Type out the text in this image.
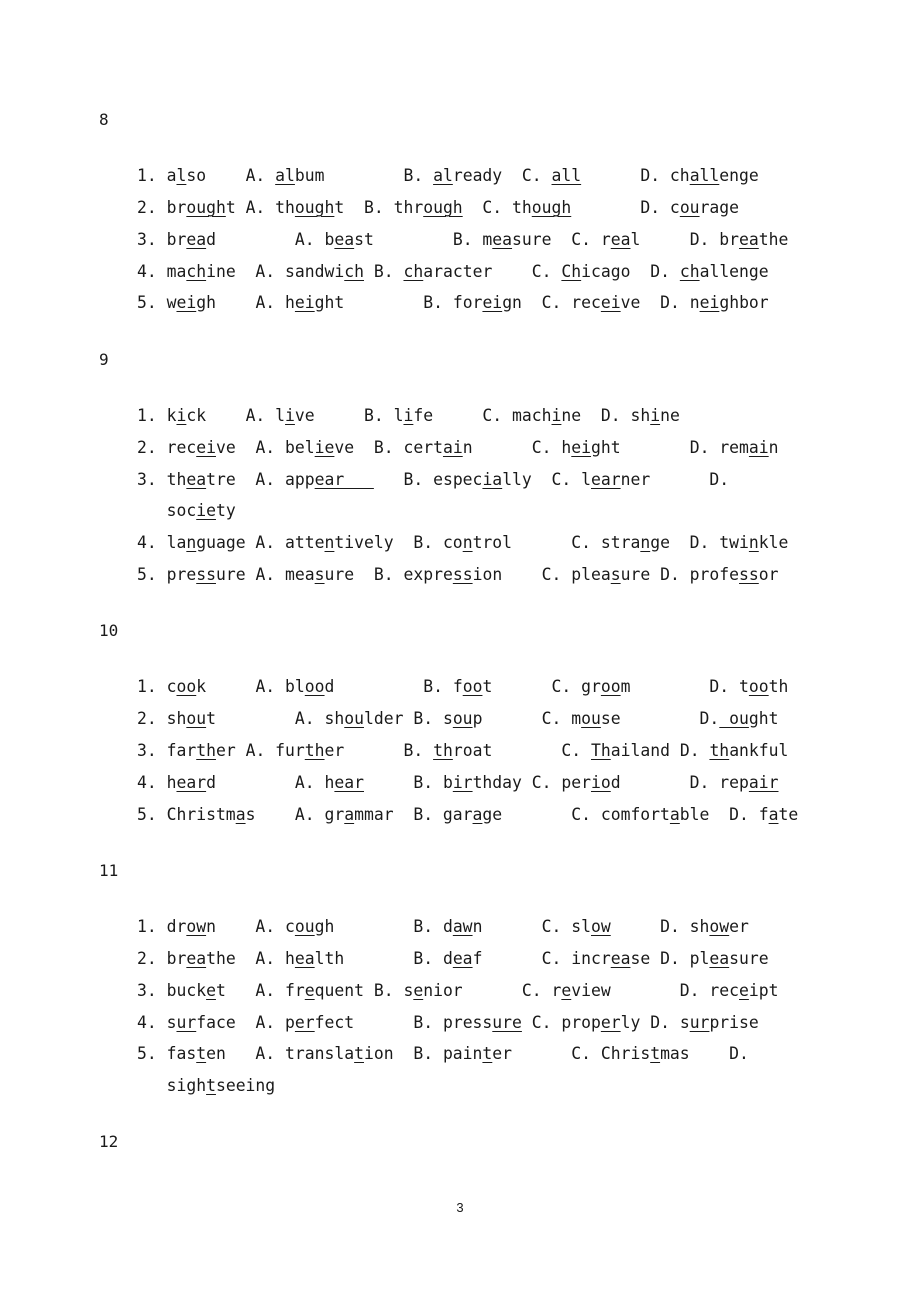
8
1. also    A. album        B. already  C. all      D. challenge
2. brought A. thought  B. through  C. though       D. courage
3. bread        A. beast        B. measure  C. real     D. breathe
4. machine  A. sandwich B. character    C. Chicago  D. challenge
5. weigh    A. height        B. foreign  C. receive  D. neighbor
9
1. kick    A. live     B. life     C. machine  D. shine
2. receive  A. believe  B. certain      C. height       D. remain
3. theatre  A. appear      B. especially  C. learner      D.
society
4. language A. attentively  B. control      C. strange  D. twinkle
5. pressure A. measure  B. expression    C. pleasure D. professor
10
1. cook     A. blood         B. foot      C. groom        D. tooth
2. shout        A. shoulder B. soup      C. mouse        D. ought
3. farther A. further      B. throat       C. Thailand D. thankful
4. heard        A. hear     B. birthday C. period       D. repair
5. Christmas    A. grammar  B. garage       C. comfortable  D. fate
11
1. drown    A. cough        B. dawn      C. slow     D. shower
2. breathe  A. health       B. deaf      C. increase D. pleasure
3. bucket   A. frequent B. senior      C. review       D. receipt
4. surface  A. perfect      B. pressure C. properly D. surprise
5. fasten   A. translation  B. painter      C. Christmas    D.
sightseeing
12
3
